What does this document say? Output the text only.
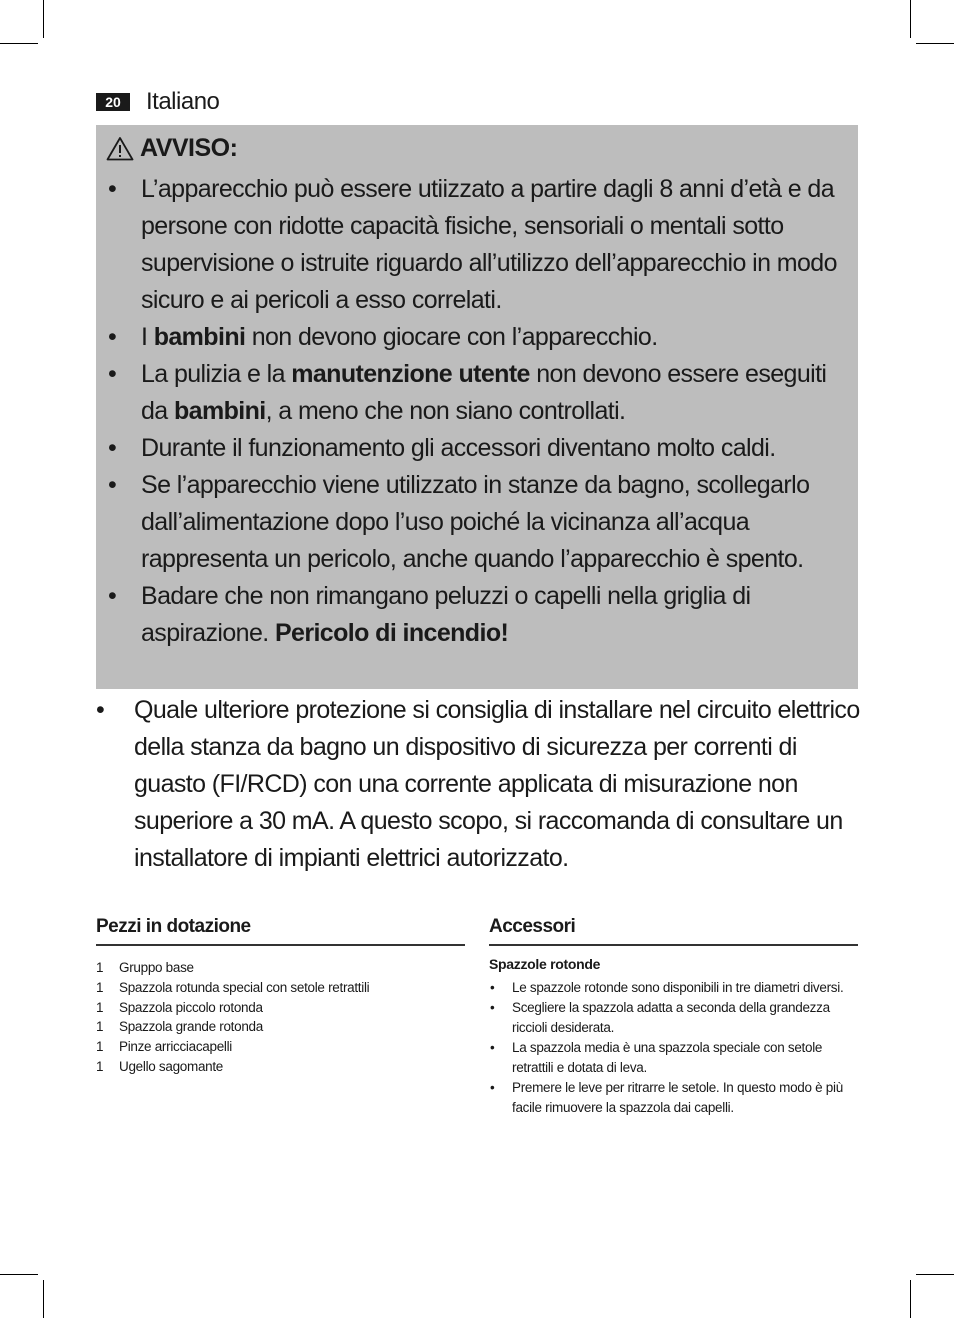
20	Italiano
AVVISO:
• L’apparecchio può essere utiizzato a partire dagli 8 anni d’età e da persone con ridotte capacità fisiche, sensoriali o mentali sotto supervisione o istruite riguardo all’utilizzo dell’apparecchio in modo sicuro e ai pericoli a esso correlati.
• I bambini non devono giocare con l’apparecchio.
• La pulizia e la manutenzione utente non devono essere eseguiti da bambini, a meno che non siano controllati.
• Durante il funzionamento gli accessori diventano molto caldi.
• Se l’apparecchio viene utilizzato in stanze da bagno, scollegarlo dall’alimentazione dopo l’uso poiché la vicinanza all’acqua rappresenta un pericolo, anche quando l’apparecchio è spento.
• Badare che non rimangano peluzzi o capelli nella griglia di aspirazione. Pericolo di incendio!
• Quale ulteriore protezione si consiglia di installare nel circuito elettrico della stanza da bagno un dispositivo di sicurezza per correnti di guasto (FI/RCD) con una corrente applicata di misurazione non superiore a 30 mA. A questo scopo, si raccomanda di consultare un installatore di impianti elettrici autorizzato.
Pezzi in dotazione
1	Gruppo base
1	Spazzola rotunda special con setole retrattili
1	Spazzola piccolo rotonda
1	Spazzola grande rotonda
1	Pinze arricciacapelli
1	Ugello sagomante
Accessori
Spazzole rotonde
• Le spazzole rotonde sono disponibili in tre diametri diversi.
• Scegliere la spazzola adatta a seconda della grandezza riccioli desiderata.
• La spazzola media è una spazzola speciale con setole retrattili e dotata di leva.
• Premere le leve per ritrarre le setole. In questo modo è più facile rimuovere la spazzola dai capelli.
